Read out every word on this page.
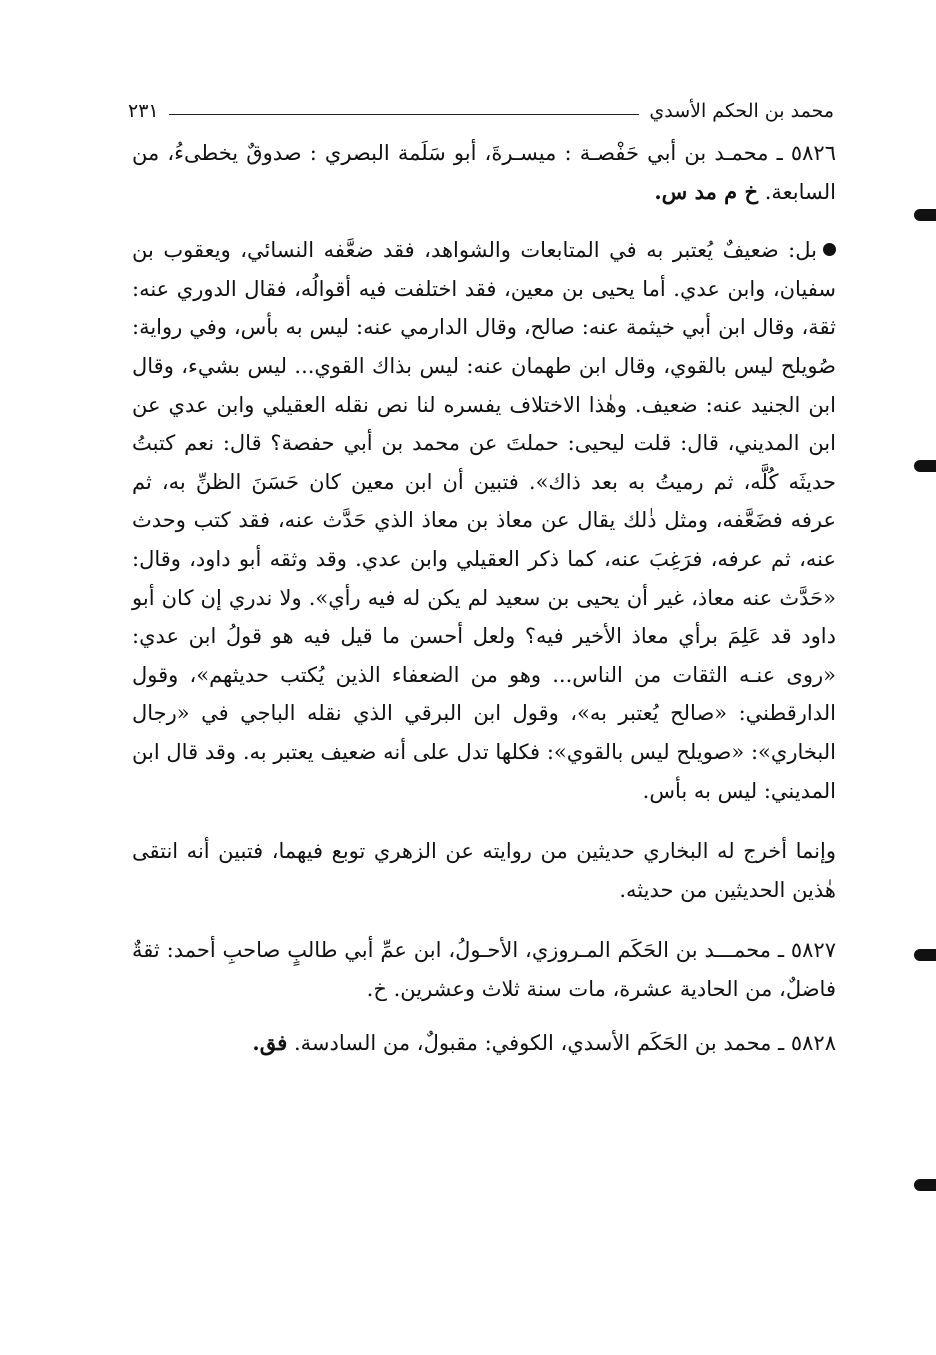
محمد بن الحكم الأسدي
٢٣١

٥٨٢٦ ـ محمـد بن أبي حَفْصـة : ميسـرةَ، أبو سَلَمة البصري : صدوقٌ يخطىءُ، من السابعة. خ م مد س.

بل: ضعيفٌ يُعتبر به في المتابعات والشواهد، فقد ضعَّفه النسائي، ويعقوب بن سفيان، وابن عدي. أما يحيى بن معين، فقد اختلفت فيه أقوالُه، فقال الدوري عنه: ثقة، وقال ابن أبي خيثمة عنه: صالح، وقال الدارمي عنه: ليس به بأس، وفي رواية: صُويلح ليس بالقوي، وقال ابن طهمان عنه: ليس بذاك القوي... ليس بشيء، وقال ابن الجنيد عنه: ضعيف. وهٰذا الاختلاف يفسره لنا نص نقله العقيلي وابن عدي عن ابن المديني، قال: قلت ليحيى: حملتَ عن محمد بن أبي حفصة؟ قال: نعم كتبتُ حديثَه كُلَّه، ثم رميتُ به بعد ذاك». فتبين أن ابن معين كان حَسَنَ الظنِّ به، ثم عرفه فضَعَّفه، ومثل ذٰلك يقال عن معاذ بن معاذ الذي حَدَّث عنه، فقد كتب وحدث عنه، ثم عرفه، فرَغِبَ عنه، كما ذكر العقيلي وابن عدي. وقد وثقه أبو داود، وقال: «حَدَّث عنه معاذ، غير أن يحيى بن سعيد لم يكن له فيه رأي». ولا ندري إن كان أبو داود قد عَلِمَ برأي معاذ الأخير فيه؟ ولعل أحسن ما قيل فيه هو قولُ ابن عدي: «روى عنـه الثقات من الناس... وهو من الضعفاء الذين يُكتب حديثهم»، وقول الدارقطني: «صالح يُعتبر به»، وقول ابن البرقي الذي نقله الباجي في «رجال البخاري»: «صويلح ليس بالقوي»: فكلها تدل على أنه ضعيف يعتبر به. وقد قال ابن المديني: ليس به بأس.

وإنما أخرج له البخاري حديثين من روايته عن الزهري توبع فيهما، فتبين أنه انتقى هٰذين الحديثين من حديثه.

٥٨٢٧ ـ محمـــد بن الحَكَم المـروزي، الأحـولُ، ابن عمِّ أبي طالبٍ صاحبِ أحمد: ثقةٌ فاضلٌ، من الحادية عشرة، مات سنة ثلاث وعشرين. خ.

٥٨٢٨ ـ محمد بن الحَكَم الأسدي، الكوفي: مقبولٌ، من السادسة. فق.
